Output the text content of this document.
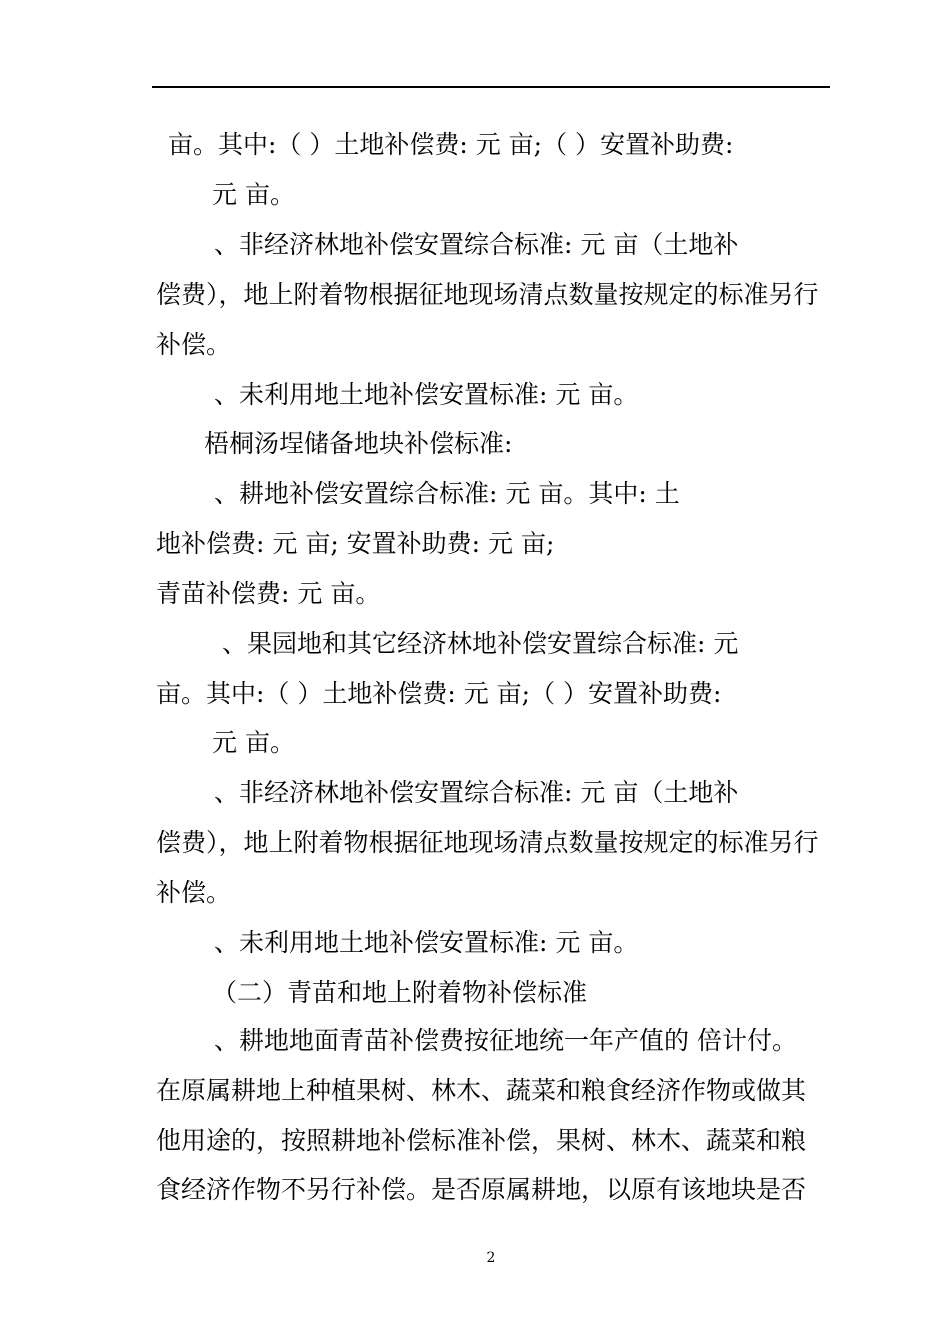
亩。其中:（ ）土地补偿费: 元 亩;（ ）安置补助费:
元 亩。
、非经济林地补偿安置综合标准: 元 亩（土地补
偿费），地上附着物根据征地现场清点数量按规定的标准另行
补偿。
、未利用地土地补偿安置标准: 元 亩。
梧桐汤埕储备地块补偿标准:
、耕地补偿安置综合标准: 元 亩。其中: 土
地补偿费: 元 亩; 安置补助费: 元 亩;
青苗补偿费: 元 亩。
、果园地和其它经济林地补偿安置综合标准: 元
亩。其中:（ ）土地补偿费: 元 亩;（ ）安置补助费:
元 亩。
、非经济林地补偿安置综合标准: 元 亩（土地补
偿费），地上附着物根据征地现场清点数量按规定的标准另行
补偿。
、未利用地土地补偿安置标准: 元 亩。
（二）青苗和地上附着物补偿标准
、耕地地面青苗补偿费按征地统一年产值的 倍计付。
在原属耕地上种植果树、林木、蔬菜和粮食经济作物或做其
他用途的，按照耕地补偿标准补偿，果树、林木、蔬菜和粮
食经济作物不另行补偿。是否原属耕地，以原有该地块是否
2
